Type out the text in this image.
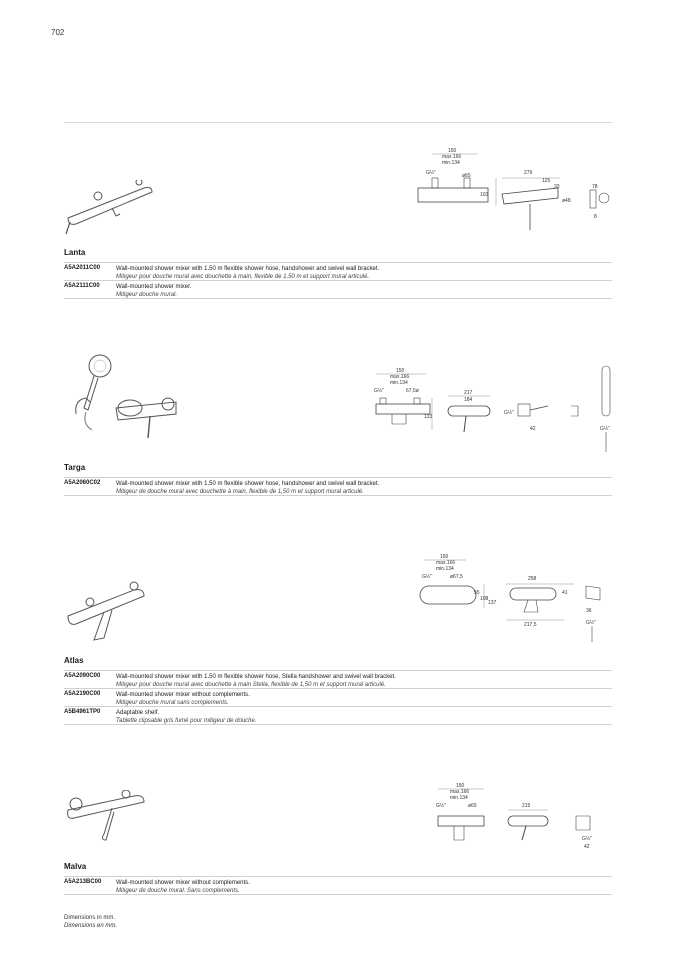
702
150
max.166
min.134
G½"	ø65
103
279
125
33
ø48
78
8
Lanta
A5A2011C00	Wall-mounted shower mixer with 1.50 m flexible shower hose, handshower and swivel wall bracket.
Mitigeur pour douche mural avec douchette à main, flexible de 1,50 m et support mural articulé.
A5A2111C00	Wall-mounted shower mixer.
Mitigeur douche mural.
150
max.166
min.134
G½"	67,5ø
133
217
184
G½"
42	G½"
Targa
A5A2060C02	Wall-mounted shower mixer with 1.50 m flexible shower hose, handshower and swivel wall bracket.
Mitigeur de douche mural avec douchette à main, flexible de 1,50 m et support mural articulé.
150
max.166
min.134
G½"	ø67,5
55
108
137
258
41
217,5
36
G½"
Atlas
A5A2090C00	Wall-mounted shower mixer with 1.50 m flexible shower hose, Stella handshower and swivel wall bracket.
Mitigeur pour douche mural avec douchette à main Stella, flexible de 1,50 m et support mural articulé.
A5A2190C00	Wall-mounted shower mixer without complements.
Mitigeur douche mural sans complements.
A5B4961TP0	Adaptable shelf.
Tablette clipsable gris fumé pour mitigeur de douche.
150
max.166
min.134
G½"	ø65	215
G½"
42
Malva
A5A213BC00 Wall-mounted shower mixer without complements.
Mitigeur de douche mural. Sans complements.
Dimensions in mm.
Dimensions en mm.
